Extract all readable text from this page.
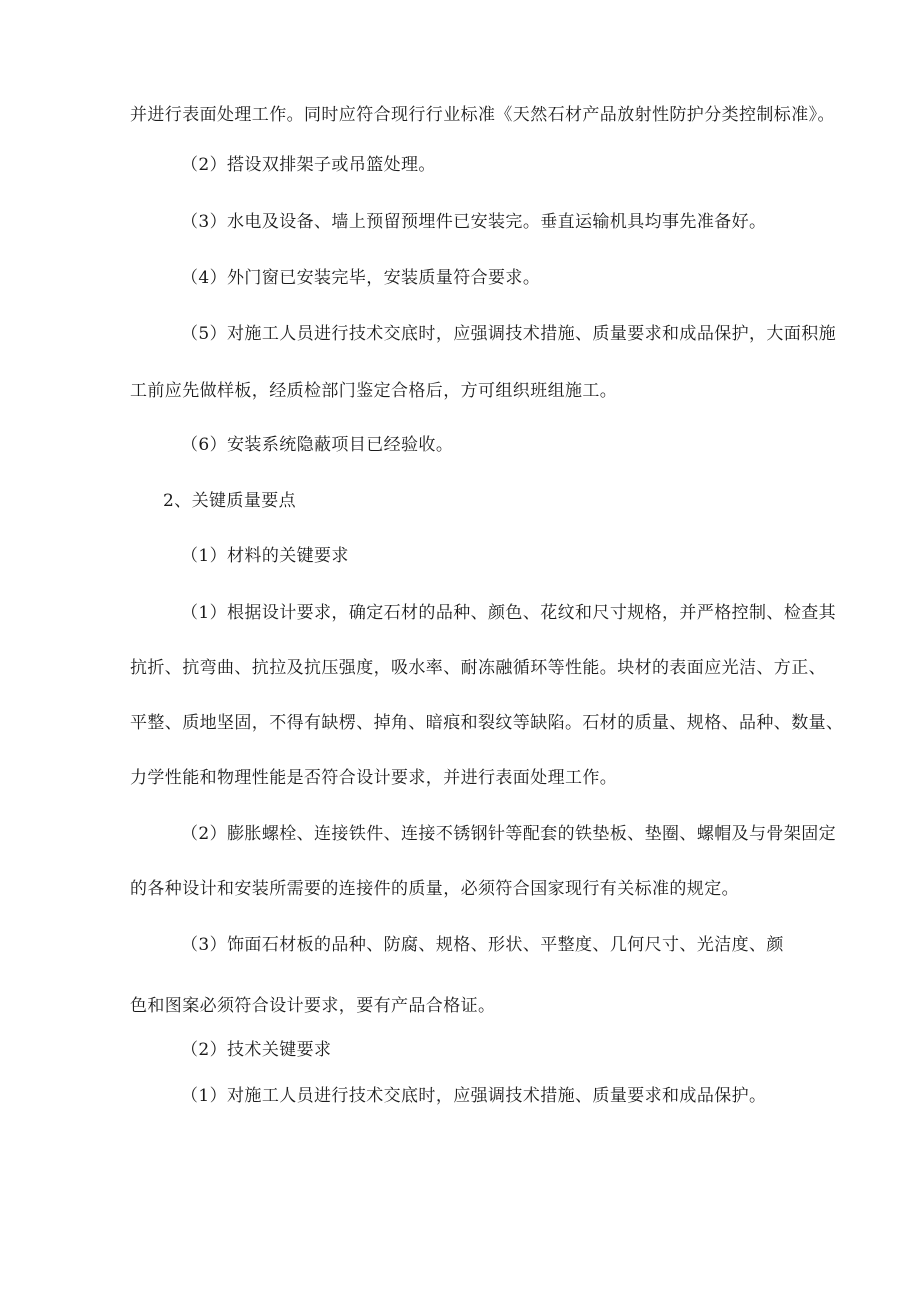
并进行表面处理工作。同时应符合现行行业标准《天然石材产品放射性防护分类控制标准》。
（2）搭设双排架子或吊篮处理。
（3）水电及设备、墙上预留预埋件已安装完。垂直运输机具均事先准备好。
（4）外门窗已安装完毕，安装质量符合要求。
（5）对施工人员进行技术交底时，应强调技术措施、质量要求和成品保护，大面积施
工前应先做样板，经质检部门鉴定合格后，方可组织班组施工。
（6）安装系统隐蔽项目已经验收。
2、关键质量要点
（1）材料的关键要求
（1）根据设计要求，确定石材的品种、颜色、花纹和尺寸规格，并严格控制、检查其
抗折、抗弯曲、抗拉及抗压强度，吸水率、耐冻融循环等性能。块材的表面应光洁、方正、
平整、质地坚固，不得有缺楞、掉角、暗痕和裂纹等缺陷。石材的质量、规格、品种、数量、
力学性能和物理性能是否符合设计要求，并进行表面处理工作。
（2）膨胀螺栓、连接铁件、连接不锈钢针等配套的铁垫板、垫圈、螺帽及与骨架固定
的各种设计和安装所需要的连接件的质量，必须符合国家现行有关标准的规定。
（3）饰面石材板的品种、防腐、规格、形状、平整度、几何尺寸、光洁度、颜
色和图案必须符合设计要求，要有产品合格证。
（2）技术关键要求
（1）对施工人员进行技术交底时，应强调技术措施、质量要求和成品保护。
